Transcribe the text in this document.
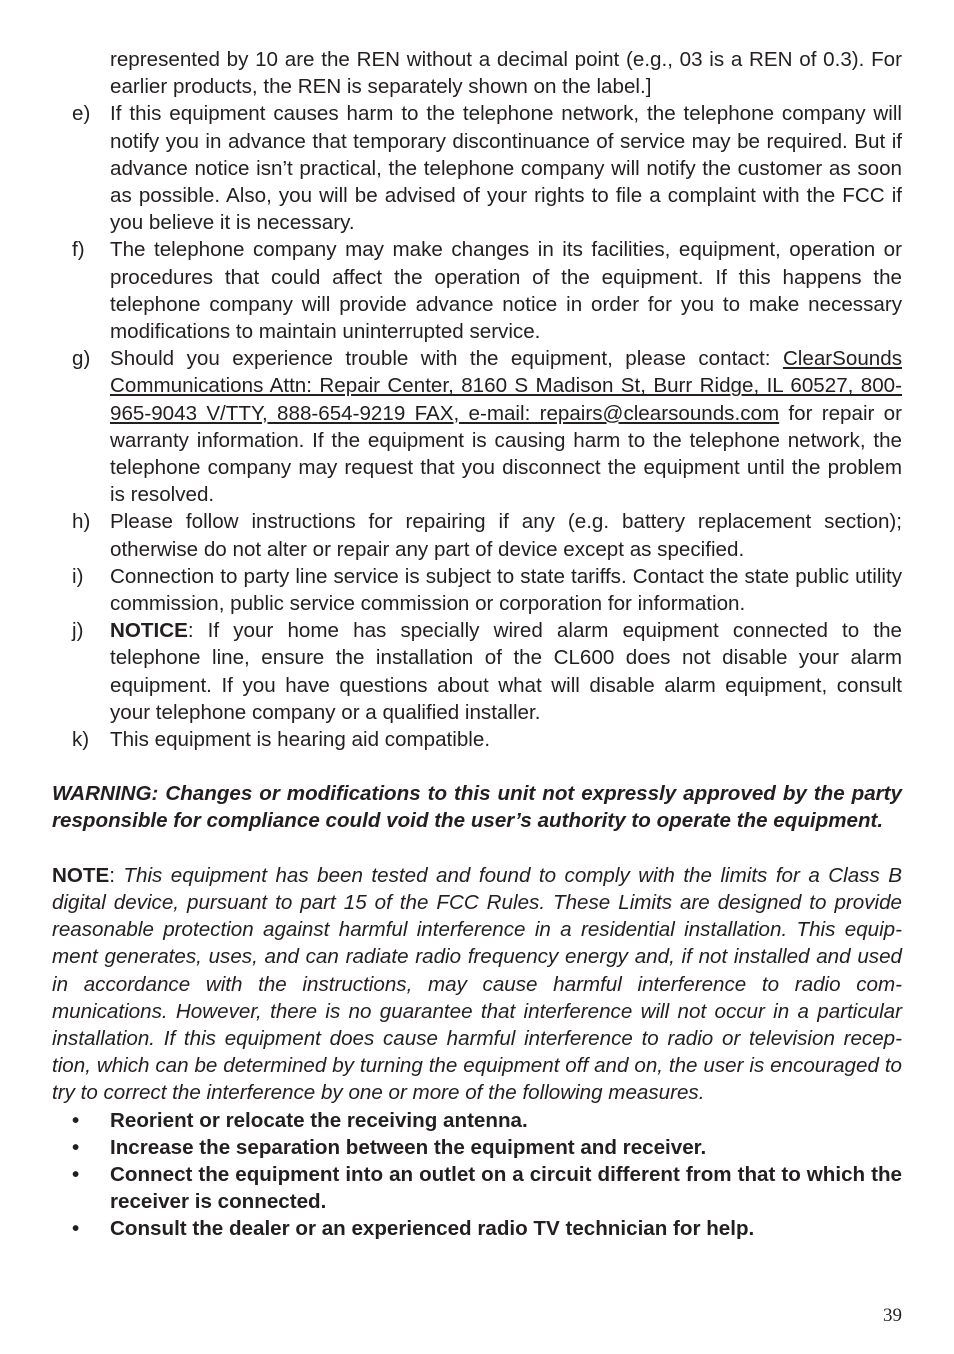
represented by 10 are the REN without a decimal point (e.g., 03 is a REN of 0.3). For earlier products, the REN is separately shown on the label.]
e) If this equipment causes harm to the telephone network, the telephone company will notify you in advance that temporary discontinuance of service may be required. But if advance notice isn’t practical, the telephone company will notify the customer as soon as possible. Also, you will be advised of your rights to file a complaint with the FCC if you believe it is necessary.
f) The telephone company may make changes in its facilities, equipment, operation or procedures that could affect the operation of the equipment. If this happens the telephone company will provide advance notice in order for you to make necessary modifications to maintain uninterrupted service.
g) Should you experience trouble with the equipment, please contact: ClearSounds Communications Attn: Repair Center, 8160 S Madison St, Burr Ridge, IL 60527, 800-965-9043 V/TTY, 888-654-9219 FAX, e-mail: repairs@clearsounds.com for repair or warranty information. If the equipment is causing harm to the telephone network, the telephone company may request that you disconnect the equipment until the problem is resolved.
h) Please follow instructions for repairing if any (e.g. battery replacement section); otherwise do not alter or repair any part of device except as specified.
i) Connection to party line service is subject to state tariffs. Contact the state public utility commission, public service commission or corporation for information.
j) NOTICE: If your home has specially wired alarm equipment connected to the telephone line, ensure the installation of the CL600 does not disable your alarm equipment. If you have questions about what will disable alarm equipment, consult your telephone company or a qualified installer.
k) This equipment is hearing aid compatible.
WARNING: Changes or modifications to this unit not expressly approved by the party responsible for compliance could void the user’s authority to operate the equipment.
NOTE: This equipment has been tested and found to comply with the limits for a Class B digital device, pursuant to part 15 of the FCC Rules. These Limits are designed to provide reasonable protection against harmful interference in a residential installation. This equip-ment generates, uses, and can radiate radio frequency energy and, if not installed and used in accordance with the instructions, may cause harmful interference to radio com-munications. However, there is no guarantee that interference will not occur in a particular installation. If this equipment does cause harmful interference to radio or television recep-tion, which can be determined by turning the equipment off and on, the user is encouraged to try to correct the interference by one or more of the following measures.
• Reorient or relocate the receiving antenna.
• Increase the separation between the equipment and receiver.
• Connect the equipment into an outlet on a circuit different from that to which the receiver is connected.
• Consult the dealer or an experienced radio TV technician for help.
39
